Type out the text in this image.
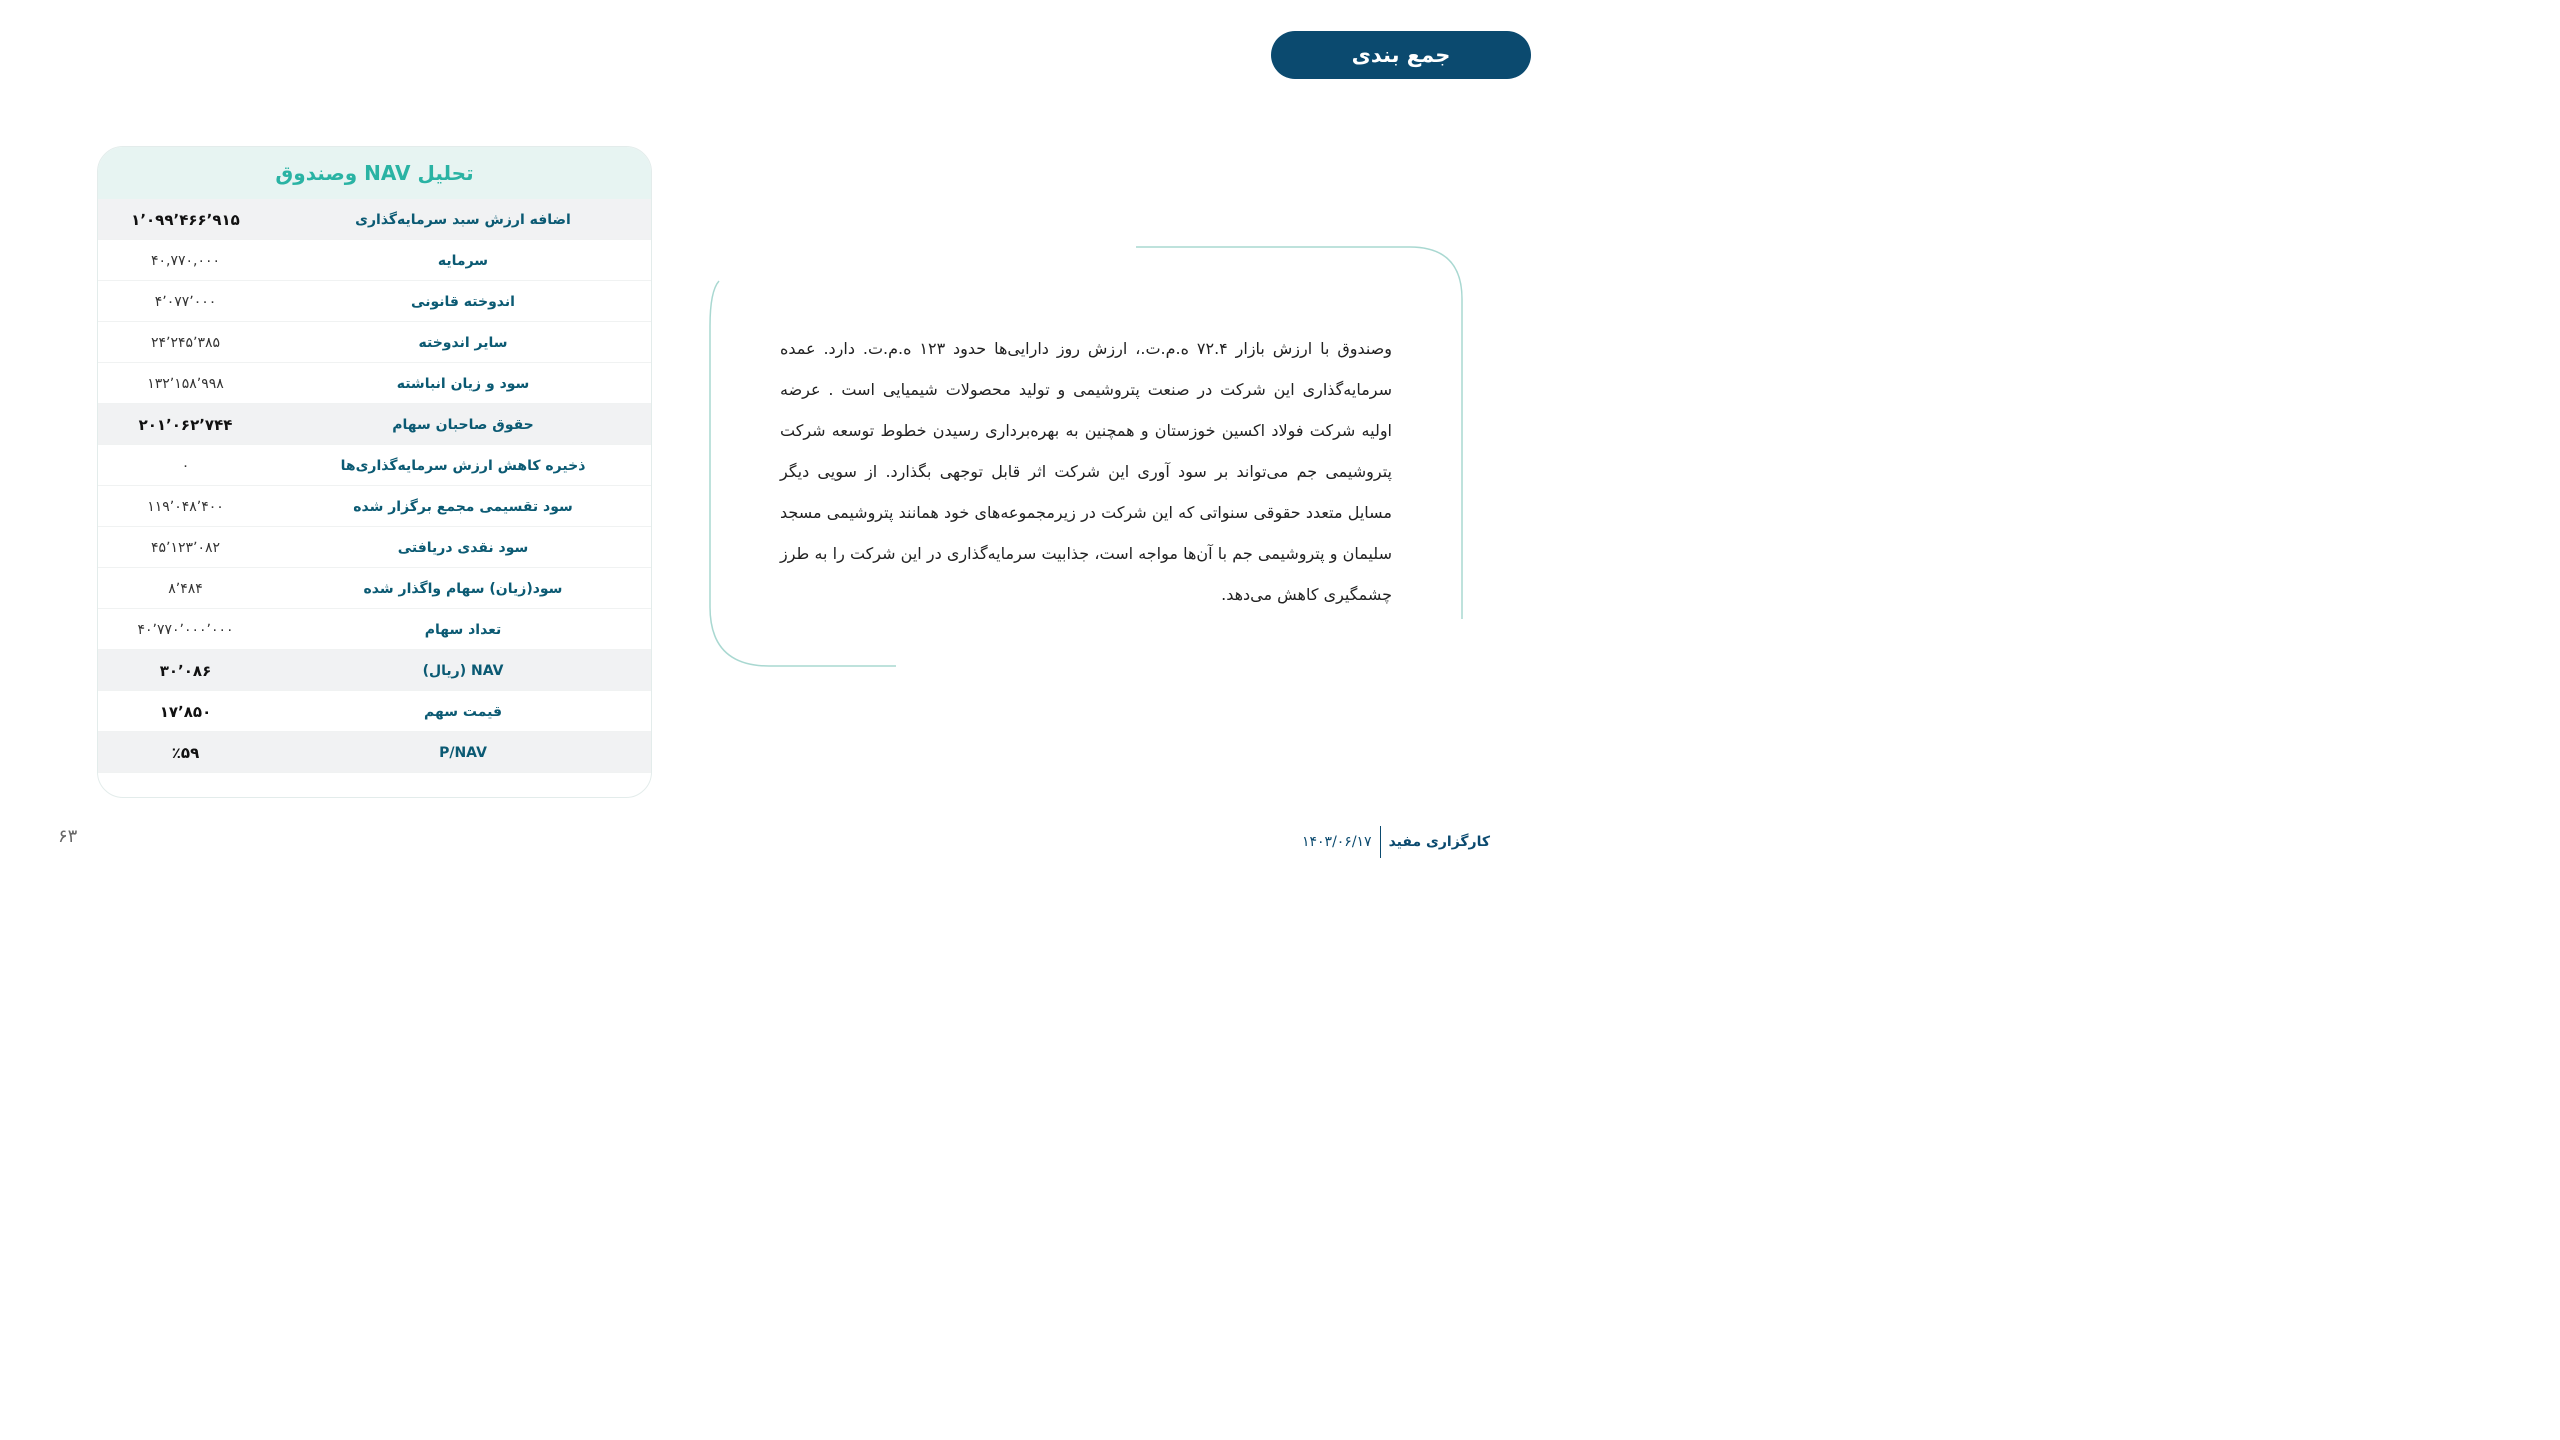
جمع بندی
تحلیل NAV وصندوق
اضافه ارزش سبد سرمایه‌گذاری
۱٬۰۹۹٬۴۶۶٬۹۱۵
سرمایه
۴۰,۷۷۰,۰۰۰
اندوخته قانونی
۴٬۰۷۷٬۰۰۰
سایر اندوخته
۲۴٬۲۴۵٬۳۸۵
سود و زیان انباشته
۱۳۲٬۱۵۸٬۹۹۸
حقوق صاحبان سهام
۲۰۱٬۰۶۲٬۷۴۴
ذخیره کاهش ارزش سرمایه‌گذاری‌ها
۰
سود تقسیمی مجمع برگزار شده
۱۱۹٬۰۴۸٬۴۰۰
سود نقدی دریافتی
۴۵٬۱۲۳٬۰۸۲
سود(زیان) سهام واگذار شده
۸٬۴۸۴
تعداد سهام
۴۰٬۷۷۰٬۰۰۰٬۰۰۰
NAV (ریال)
۳۰٬۰۸۶
قیمت سهم
۱۷٬۸۵۰
P/NAV
٪۵۹
وصندوق با ارزش بازار ۷۲.۴ ه.م.ت.، ارزش روز دارایی‌ها حدود ۱۲۳ ه.م.ت. دارد. عمده سرمایه‌گذاری این شرکت در صنعت پتروشیمی و تولید محصولات شیمیایی است . عرضه اولیه شرکت فولاد اکسین خوزستان و همچنین به بهره‌برداری رسیدن خطوط توسعه شرکت پتروشیمی جم می‌تواند بر سود آوری این شرکت اثر قابل توجهی بگذارد. از سویی دیگر مسایل متعدد حقوقی سنواتی که این شرکت در زیرمجموعه‌های خود همانند پتروشیمی مسجد سلیمان و پتروشیمی جم با آن‌ها مواجه است، جذابیت سرمایه‌گذاری در این شرکت را به طرز چشمگیری کاهش می‌دهد.
۶۳	کارگزاری مفید
۱۴۰۳/۰۶/۱۷
